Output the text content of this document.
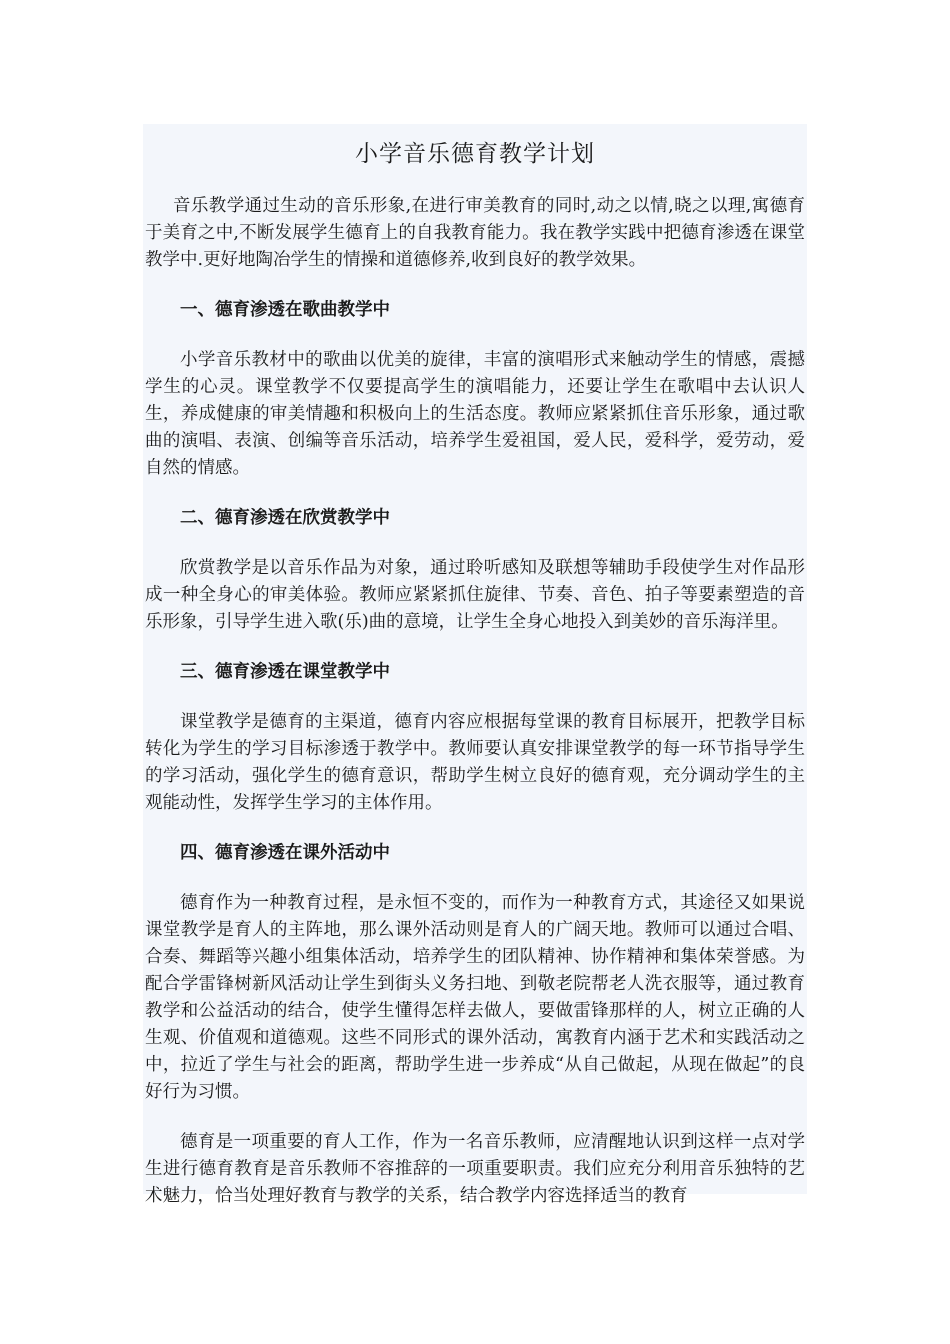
小学音乐德育教学计划

音乐教学通过生动的音乐形象,在进行审美教育的同时,动之以情,晓之以理,寓德育于美育之中,不断发展学生德育上的自我教育能力。我在教学实践中把德育渗透在课堂教学中.更好地陶冶学生的情操和道德修养,收到良好的教学效果。

一、德育渗透在歌曲教学中

小学音乐教材中的歌曲以优美的旋律，丰富的演唱形式来触动学生的情感，震撼学生的心灵。课堂教学不仅要提高学生的演唱能力，还要让学生在歌唱中去认识人生，养成健康的审美情趣和积极向上的生活态度。教师应紧紧抓住音乐形象，通过歌曲的演唱、表演、创编等音乐活动，培养学生爱祖国，爱人民，爱科学，爱劳动，爱自然的情感。

二、德育渗透在欣赏教学中

欣赏教学是以音乐作品为对象，通过聆听感知及联想等辅助手段使学生对作品形成一种全身心的审美体验。教师应紧紧抓住旋律、节奏、音色、拍子等要素塑造的音乐形象，引导学生进入歌(乐)曲的意境，让学生全身心地投入到美妙的音乐海洋里。

三、德育渗透在课堂教学中

课堂教学是德育的主渠道，德育内容应根据每堂课的教育目标展开，把教学目标转化为学生的学习目标渗透于教学中。教师要认真安排课堂教学的每一环节指导学生的学习活动，强化学生的德育意识，帮助学生树立良好的德育观，充分调动学生的主观能动性，发挥学生学习的主体作用。

四、德育渗透在课外活动中

德育作为一种教育过程，是永恒不变的，而作为一种教育方式，其途径又如果说课堂教学是育人的主阵地，那么课外活动则是育人的广阔天地。教师可以通过合唱、合奏、舞蹈等兴趣小组集体活动，培养学生的团队精神、协作精神和集体荣誉感。为配合学雷锋树新风活动让学生到街头义务扫地、到敬老院帮老人洗衣服等，通过教育教学和公益活动的结合，使学生懂得怎样去做人，要做雷锋那样的人，树立正确的人生观、价值观和道德观。这些不同形式的课外活动，寓教育内涵于艺术和实践活动之中，拉近了学生与社会的距离，帮助学生进一步养成“从自己做起，从现在做起”的良好行为习惯。

德育是一项重要的育人工作，作为一名音乐教师，应清醒地认识到这样一点对学生进行德育教育是音乐教师不容推辞的一项重要职责。我们应充分利用音乐独特的艺术魅力，恰当处理好教育与教学的关系，结合教学内容选择适当的教育
